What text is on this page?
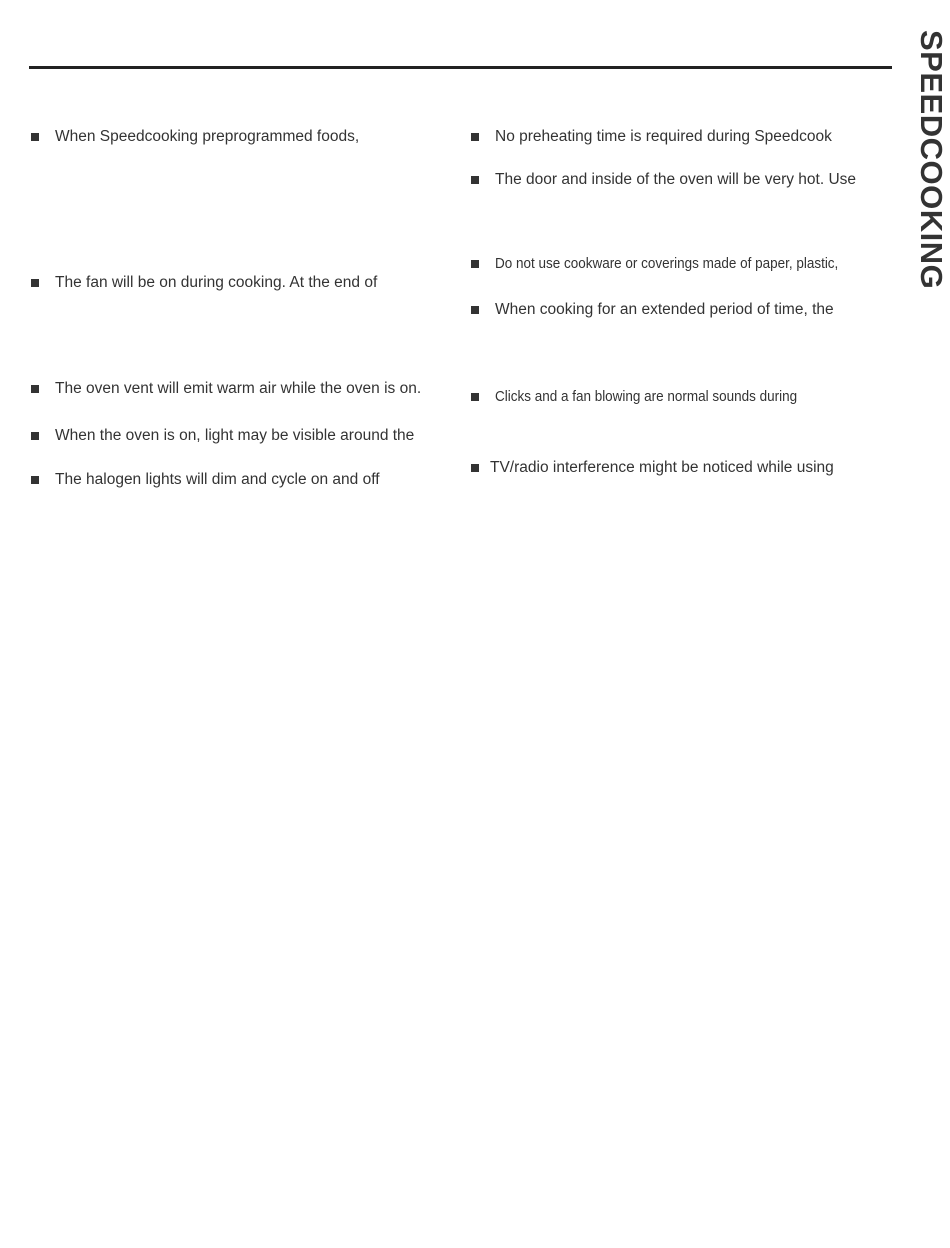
SPEEDCOOKING
When Speedcooking preprogrammed foods,
The fan will be on during cooking. At the end of
The oven vent will emit warm air while the oven is on.
When the oven is on, light may be visible around the
The halogen lights will dim and cycle on and off
No preheating time is required during Speedcook
The door and inside of the oven will be very hot. Use
Do not use cookware or coverings made of paper, plastic,
When cooking for an extended period of time, the
Clicks and a fan blowing are normal sounds during
TV/radio interference might be noticed while using
